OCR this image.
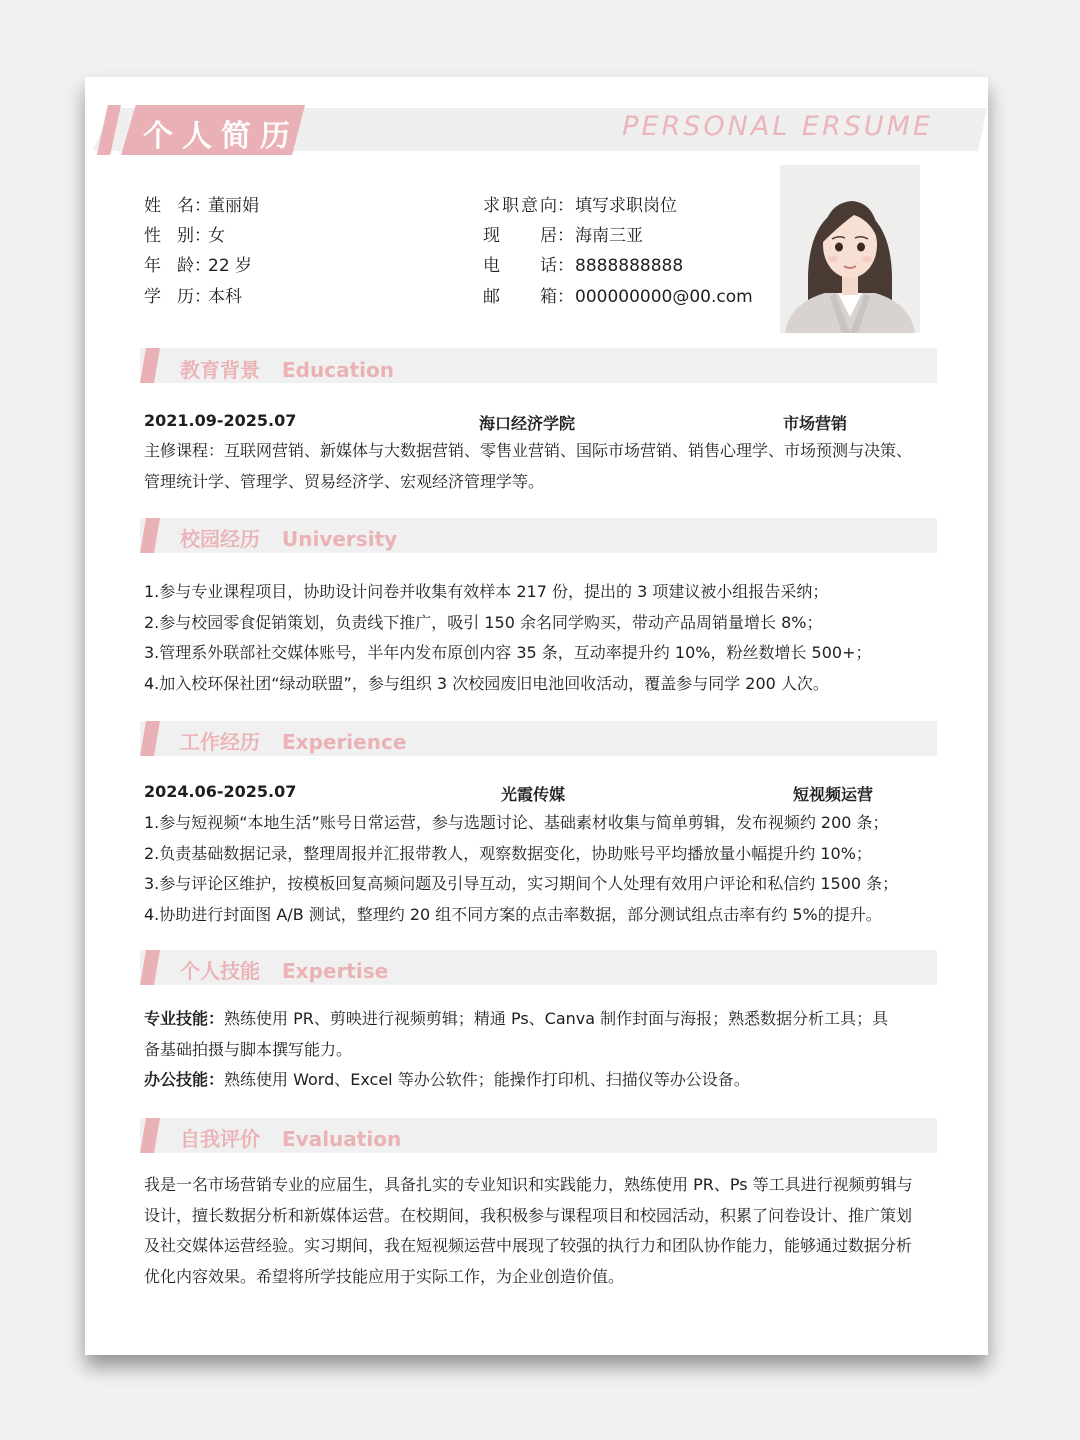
个人简历	PERSONAL ERSUME
姓 名：董丽娟
性 别：女
年 龄：22 岁
学 历：本科
求职意向：填写求职岗位
现 居：海南三亚
电 话：8888888888
邮 箱：000000000@00.com
教育背景 Education
2021.09-2025.07	海口经济学院	市场营销
主修课程：互联网营销、新媒体与大数据营销、零售业营销、国际市场营销、销售心理学、市场预测与决策、
管理统计学、管理学、贸易经济学、宏观经济管理学等。
校园经历 University
1.参与专业课程项目，协助设计问卷并收集有效样本 217 份，提出的 3 项建议被小组报告采纳；
2.参与校园零食促销策划，负责线下推广，吸引 150 余名同学购买，带动产品周销量增长 8%；
3.管理系外联部社交媒体账号，半年内发布原创内容 35 条，互动率提升约 10%，粉丝数增长 500+；
4.加入校环保社团“绿动联盟”，参与组织 3 次校园废旧电池回收活动，覆盖参与同学 200 人次。
工作经历 Experience
2024.06-2025.07	光霞传媒	短视频运营
1.参与短视频“本地生活”账号日常运营，参与选题讨论、基础素材收集与简单剪辑，发布视频约 200 条；
2.负责基础数据记录，整理周报并汇报带教人，观察数据变化，协助账号平均播放量小幅提升约 10%；
3.参与评论区维护，按模板回复高频问题及引导互动，实习期间个人处理有效用户评论和私信约 1500 条；
4.协助进行封面图 A/B 测试，整理约 20 组不同方案的点击率数据，部分测试组点击率有约 5%的提升。
个人技能 Expertise
专业技能：熟练使用 PR、剪映进行视频剪辑；精通 Ps、Canva 制作封面与海报；熟悉数据分析工具；具
备基础拍摄与脚本撰写能力。
办公技能：熟练使用 Word、Excel 等办公软件；能操作打印机、扫描仪等办公设备。
自我评价 Evaluation
我是一名市场营销专业的应届生，具备扎实的专业知识和实践能力，熟练使用 PR、Ps 等工具进行视频剪辑与
设计，擅长数据分析和新媒体运营。在校期间，我积极参与课程项目和校园活动，积累了问卷设计、推广策划
及社交媒体运营经验。实习期间，我在短视频运营中展现了较强的执行力和团队协作能力，能够通过数据分析
优化内容效果。希望将所学技能应用于实际工作，为企业创造价值。
